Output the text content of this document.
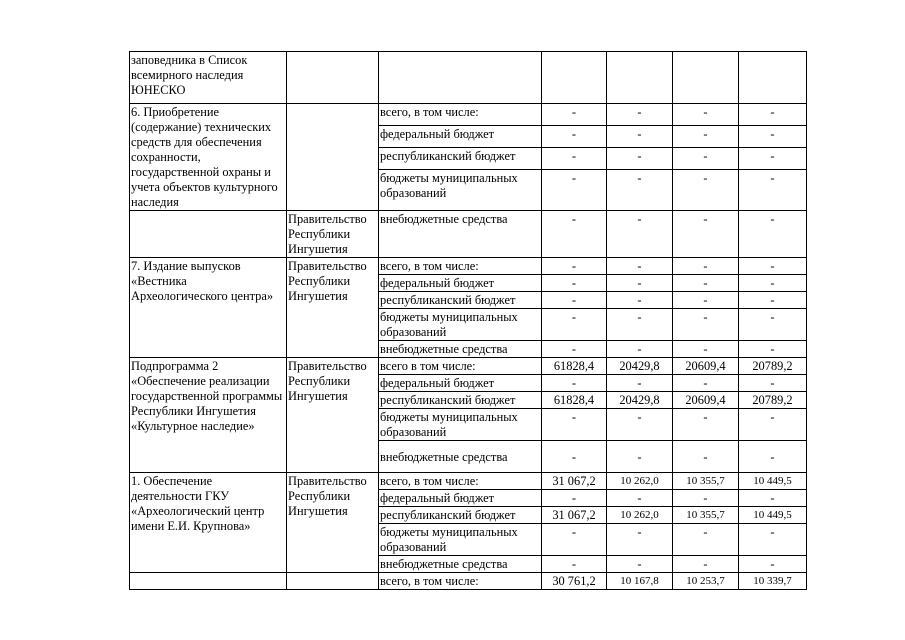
заповедника в Список всемирного наследия ЮНЕСКО						
6. Приобретение (содержание) технических средств для обеспечения сохранности, государственной охраны и учета объектов культурного наследия		всего, в том числе:	-	-	-	-
		федеральный бюджет	-	-	-	-
		республиканский бюджет	-	-	-	-
		бюджеты муниципальных образований	-	-	-	-
	Правительство Республики Ингушетия	внебюджетные средства	-	-	-	-
7. Издание выпусков «Вестника Археологического центра»	Правительство Республики Ингушетия	всего, в том числе:	-	-	-	-
		федеральный бюджет	-	-	-	-
		республиканский бюджет	-	-	-	-
		бюджеты муниципальных образований	-	-	-	-
		внебюджетные средства	-	-	-	-
Подпрограмма 2 «Обеспечение реализации государственной программы Республики Ингушетия «Культурное наследие»	Правительство Республики Ингушетия	всего в том числе:	61828,4	20429,8	20609,4	20789,2
		федеральный бюджет	-	-	-	-
		республиканский бюджет	61828,4	20429,8	20609,4	20789,2
		бюджеты муниципальных образований	-	-	-	-
		внебюджетные средства	-	-	-	-
1. Обеспечение деятельности ГКУ «Археологический центр имени Е.И. Крупнова»	Правительство Республики Ингушетия	всего, в том числе:	31 067,2	10 262,0	10 355,7	10 449,5
		федеральный бюджет	-	-	-	-
		республиканский бюджет	31 067,2	10 262,0	10 355,7	10 449,5
		бюджеты муниципальных образований	-	-	-	-
		внебюджетные средства	-	-	-	-
		всего, в том числе:	30 761,2	10 167,8	10 253,7	10 339,7
